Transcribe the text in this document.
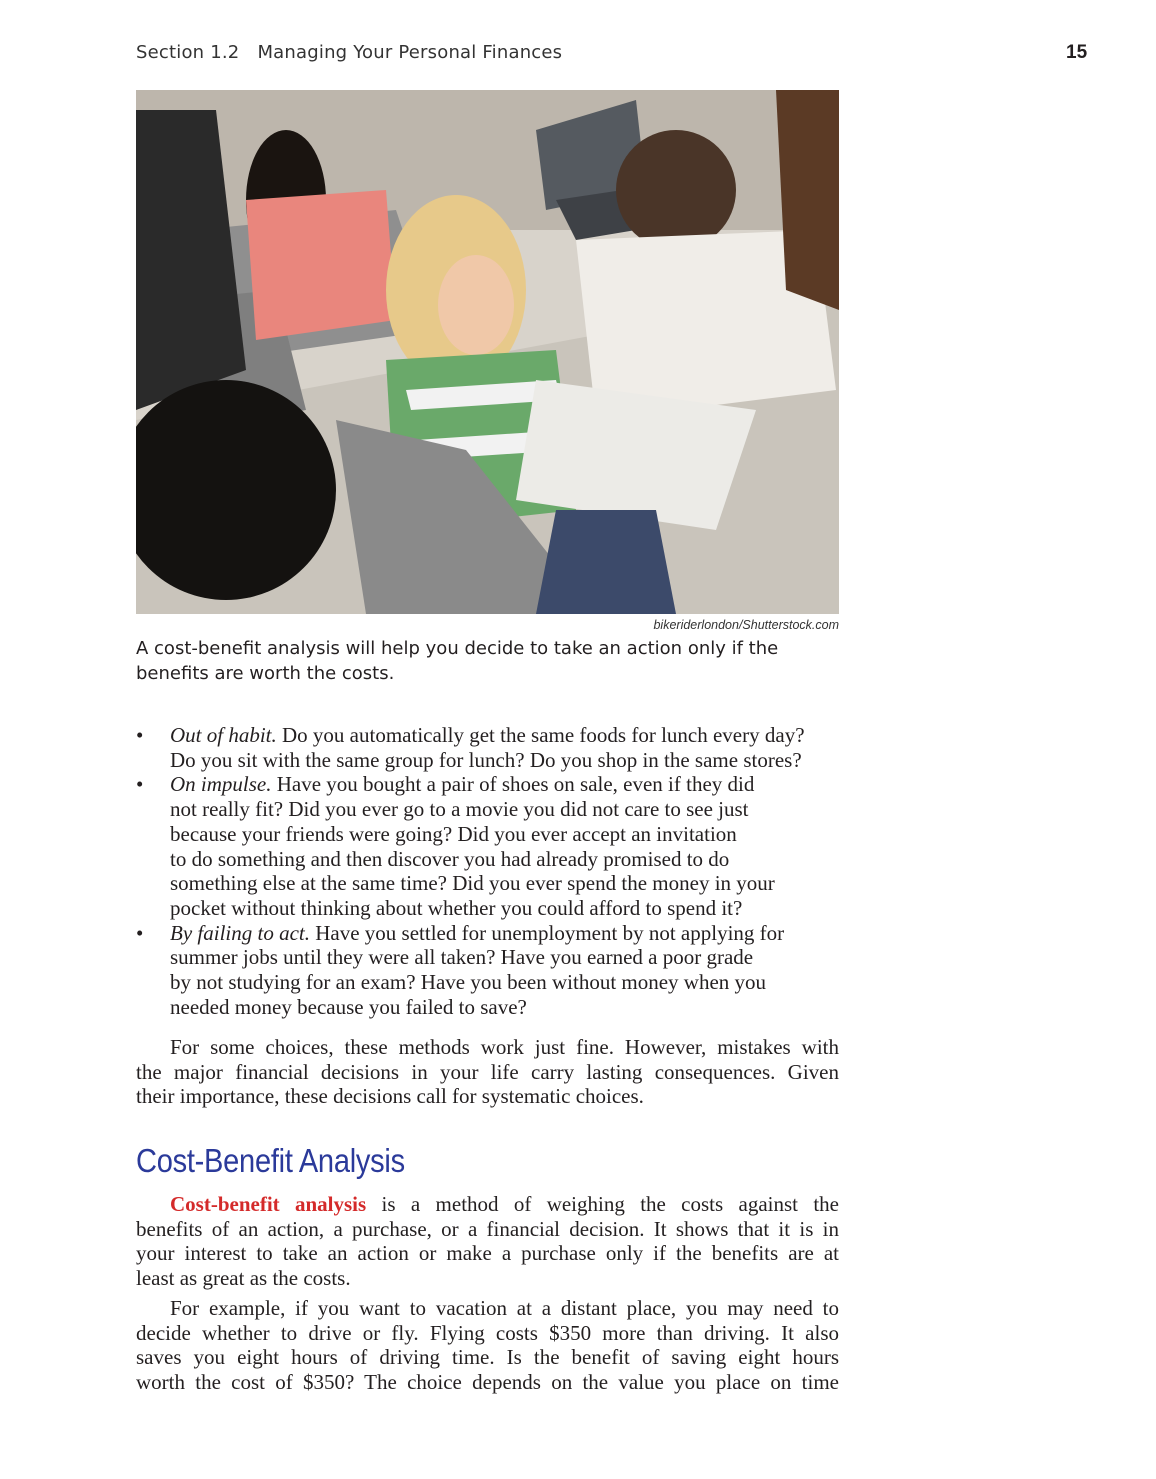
Section 1.2 Managing Your Personal Finances	15
bikeriderlondon/Shutterstock.com
A cost-benefit analysis will help you decide to take an action only if the
benefits are worth the costs.
• Out of habit. Do you automatically get the same foods for lunch every day?
Do you sit with the same group for lunch? Do you shop in the same stores?
• On impulse. Have you bought a pair of shoes on sale, even if they did
not really fit? Did you ever go to a movie you did not care to see just
because your friends were going? Did you ever accept an invitation
to do something and then discover you had already promised to do
something else at the same time? Did you ever spend the money in your
pocket without thinking about whether you could afford to spend it?
• By failing to act. Have you settled for unemployment by not applying for
summer jobs until they were all taken? Have you earned a poor grade
by not studying for an exam? Have you been without money when you
needed money because you failed to save?
For some choices, these methods work just fine. However, mistakes with
the major financial decisions in your life carry lasting consequences. Given
their importance, these decisions call for systematic choices.
Cost-Benefit Analysis
Cost-benefit analysis is a method of weighing the costs against the
benefits of an action, a purchase, or a financial decision. It shows that it is in
your interest to take an action or make a purchase only if the benefits are at
least as great as the costs.
For example, if you want to vacation at a distant place, you may need to
decide whether to drive or fly. Flying costs $350 more than driving. It also
saves you eight hours of driving time. Is the benefit of saving eight hours
worth the cost of $350? The choice depends on the value you place on time
